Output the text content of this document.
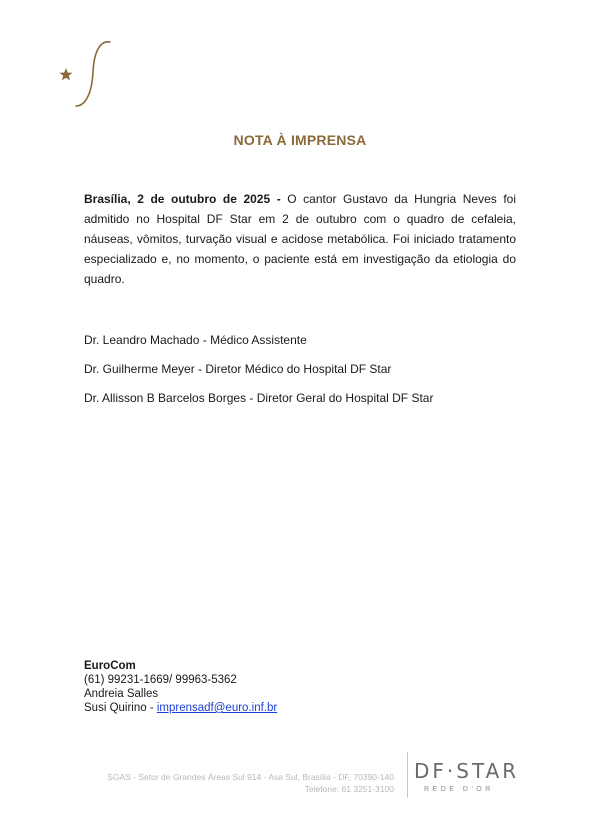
NOTA À IMPRENSA
Brasília, 2 de outubro de 2025 - O cantor Gustavo da Hungria Neves foi admitido no Hospital DF Star em 2 de outubro com o quadro de cefaleia, náuseas, vômitos, turvação visual e acidose metabólica. Foi iniciado tratamento especializado e, no momento, o paciente está em investigação da etiologia do quadro.
Dr. Leandro Machado - Médico Assistente
Dr. Guilherme Meyer - Diretor Médico do Hospital DF Star
Dr. Allisson B Barcelos Borges - Diretor Geral do Hospital DF Star
EuroCom
(61) 99231-1669/ 99963-5362
Andreia Salles
Susi Quirino - imprensadf@euro.inf.br
SGAS - Setor de Grandes Áreas Sul 914 - Asa Sul, Brasília - DF, 70390-140
Telefone: 61 3251-3100
DF·STAR
REDE D'OR
